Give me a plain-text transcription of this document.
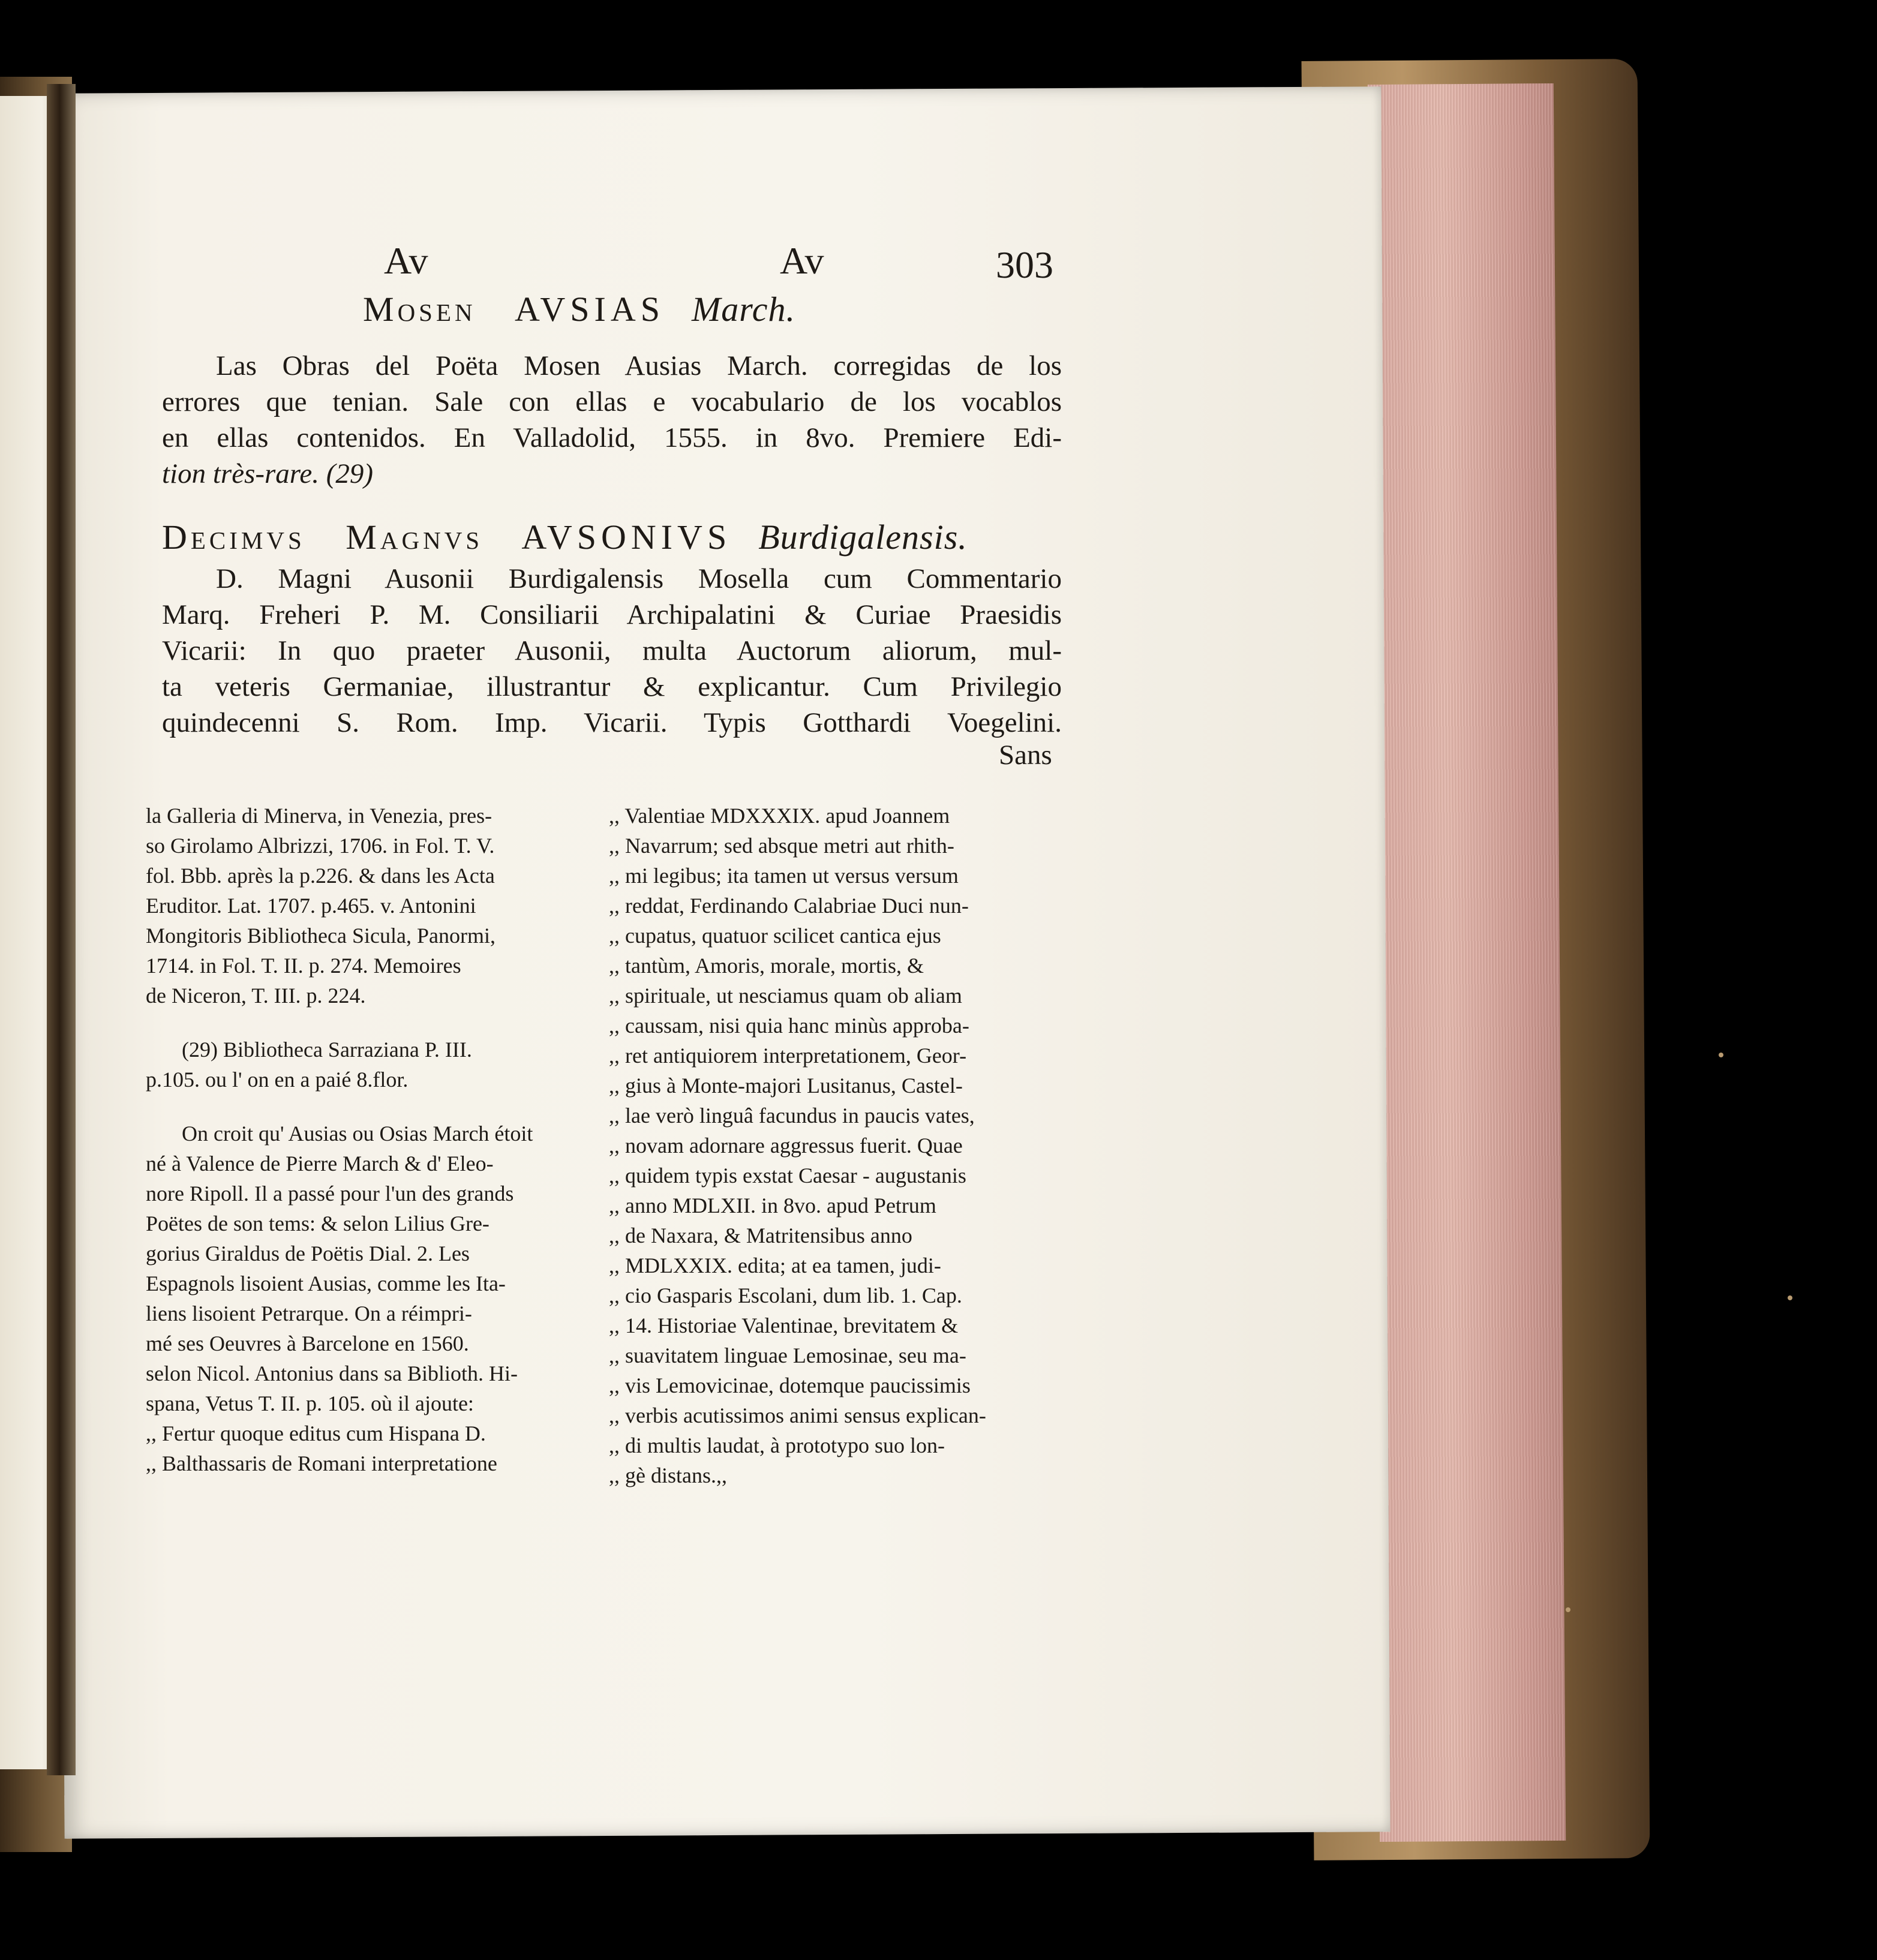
Av	Av	303
Mosen AVSIAS March.
Las Obras del Poëta Mosen Ausias March. corregidas de los
errores que tenian. Sale con ellas e vocabulario de los vocablos
en ellas contenidos. En Valladolid, 1555. in 8vo. Premiere Edi-
tion très-rare. (29)
Decimvs Magnvs AVSONIVS Burdigalensis.
D. Magni Ausonii Burdigalensis Mosella cum Commentario
Marq. Freheri P. M. Consiliarii Archipalatini & Curiae Praesidis
Vicarii: In quo praeter Ausonii, multa Auctorum aliorum, mul-
ta veteris Germaniae, illustrantur & explicantur. Cum Privilegio
quindecenni S. Rom. Imp. Vicarii. Typis Gotthardi Voegelini.
Sans
la Galleria di Minerva, in Venezia, pres-
so Girolamo Albrizzi, 1706. in Fol. T. V.
fol. Bbb. après la p.226. & dans les Acta
Eruditor. Lat. 1707. p.465. v. Antonini
Mongitoris Bibliotheca Sicula, Panormi,
1714. in Fol. T. II. p. 274. Memoires
de Niceron, T. III. p. 224.
(29) Bibliotheca Sarraziana P. III.
p.105. ou l' on en a paié 8.flor.
On croit qu' Ausias ou Osias March étoit
né à Valence de Pierre March & d' Eleo-
nore Ripoll. Il a passé pour l'un des grands
Poëtes de son tems: & selon Lilius Gre-
gorius Giraldus de Poëtis Dial. 2. Les
Espagnols lisoient Ausias, comme les Ita-
liens lisoient Petrarque. On a réimpri-
mé ses Oeuvres à Barcelone en 1560.
selon Nicol. Antonius dans sa Biblioth. Hi-
spana, Vetus T. II. p. 105. où il ajoute:
,, Fertur quoque editus cum Hispana D.
,, Balthassaris de Romani interpretatione
,, Valentiae MDXXXIX. apud Joannem
,, Navarrum; sed absque metri aut rhith-
,, mi legibus; ita tamen ut versus versum
,, reddat, Ferdinando Calabriae Duci nun-
,, cupatus, quatuor scilicet cantica ejus
,, tantùm, Amoris, morale, mortis, &
,, spirituale, ut nesciamus quam ob aliam
,, caussam, nisi quia hanc minùs approba-
,, ret antiquiorem interpretationem, Geor-
,, gius à Monte-majori Lusitanus, Castel-
,, lae verò linguâ facundus in paucis vates,
,, novam adornare aggressus fuerit. Quae
,, quidem typis exstat Caesar - augustanis
,, anno MDLXII. in 8vo. apud Petrum
,, de Naxara, & Matritensibus anno
,, MDLXXIX. edita; at ea tamen, judi-
,, cio Gasparis Escolani, dum lib. 1. Cap.
,, 14. Historiae Valentinae, brevitatem &
,, suavitatem linguae Lemosinae, seu ma-
,, vis Lemovicinae, dotemque paucissimis
,, verbis acutissimos animi sensus explican-
,, di multis laudat, à prototypo suo lon-
,, gè distans.,,
